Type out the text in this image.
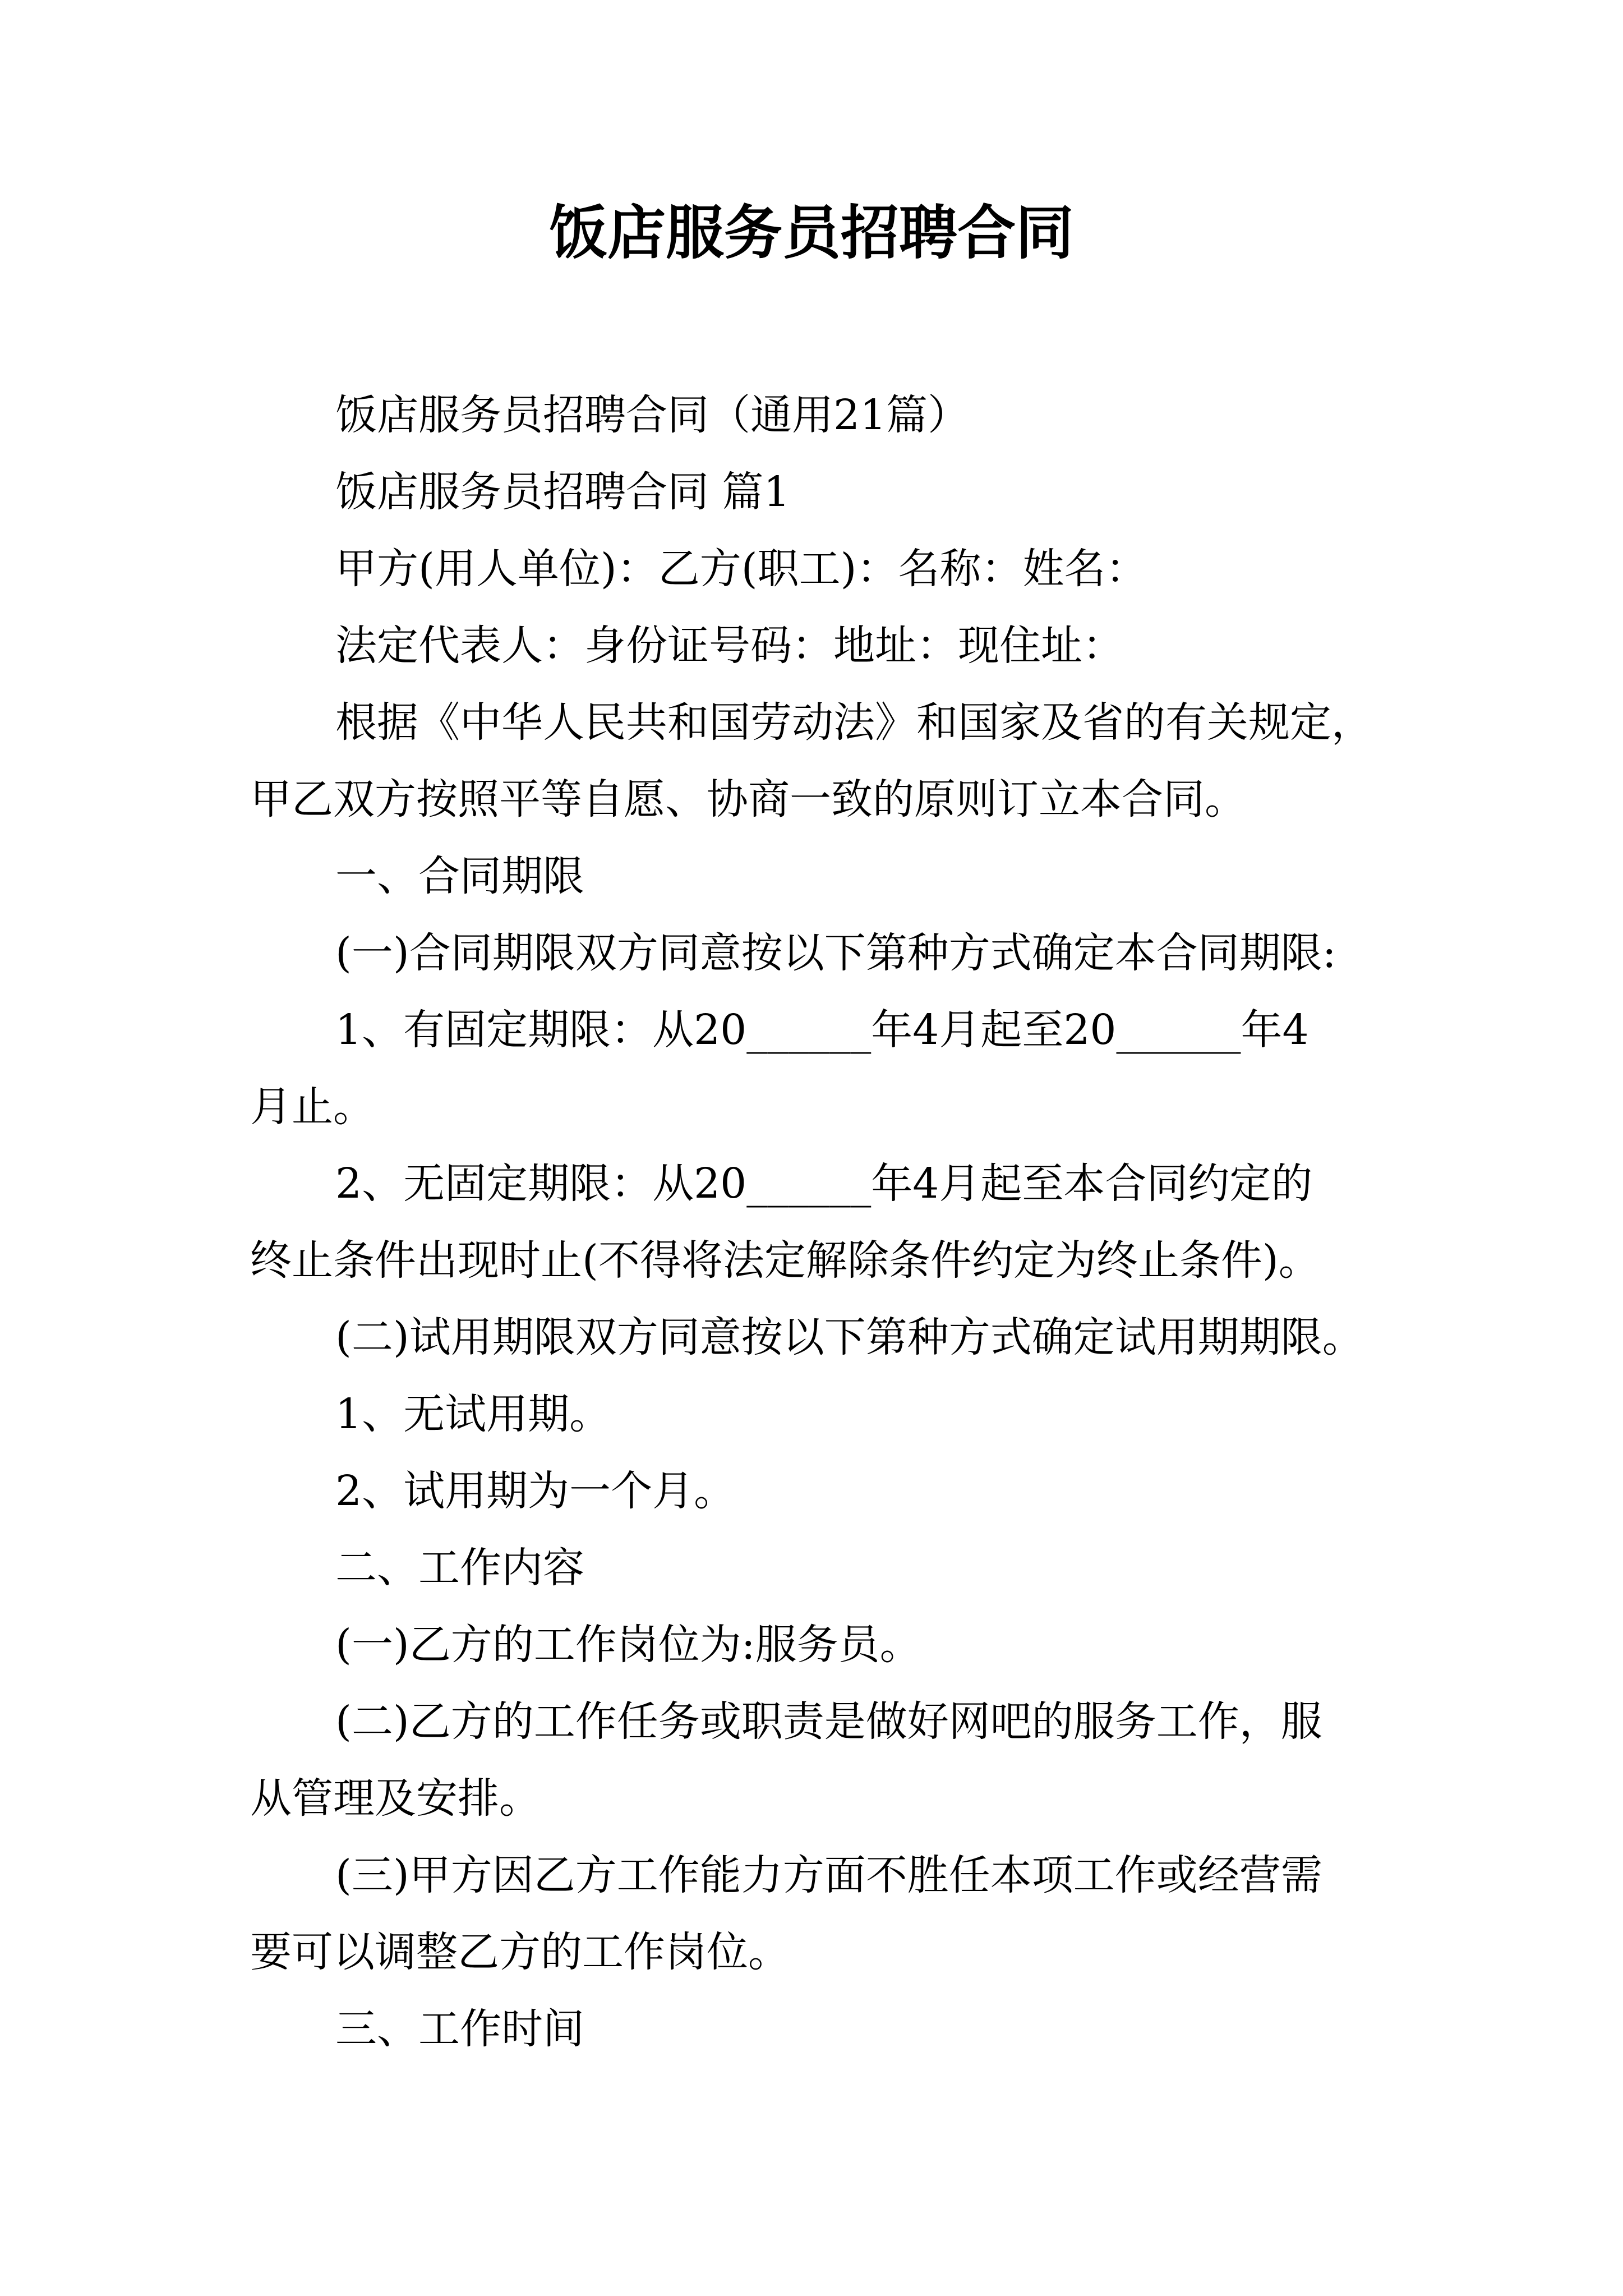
饭店服务员招聘合同

饭店服务员招聘合同（通用21篇）

饭店服务员招聘合同 篇1

甲方(用人单位)：乙方(职工)：名称：姓名：

法定代表人：身份证号码：地址：现住址：

根据《中华人民共和国劳动法》和国家及省的有关规定，

甲乙双方按照平等自愿、协商一致的原则订立本合同。

一、合同期限

(一)合同期限双方同意按以下第种方式确定本合同期限:

1、有固定期限：从20______年4月起至20______年4

月止。

2、无固定期限：从20______年4月起至本合同约定的

终止条件出现时止(不得将法定解除条件约定为终止条件)。

(二)试用期限双方同意按以下第种方式确定试用期期限。

1、无试用期。

2、试用期为一个月。

二、工作内容

(一)乙方的工作岗位为:服务员。

(二)乙方的工作任务或职责是做好网吧的服务工作，服

从管理及安排。

(三)甲方因乙方工作能力方面不胜任本项工作或经营需

要可以调整乙方的工作岗位。

三、工作时间
